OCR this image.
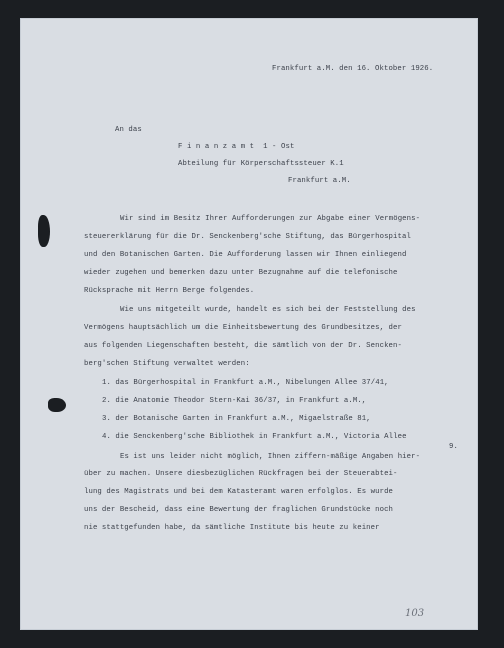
Frankfurt a.M. den 16. Oktober 1926.
An das
F i n a n z a m t  1 - Ost
Abteilung für Körperschaftssteuer K.1
Frankfurt a.M.
Wir sind im Besitz Ihrer Aufforderungen zur Abgabe einer Vermögens-
steuererklärung für die Dr. Senckenberg'sche Stiftung, das Bürgerhospital
und den Botanischen Garten. Die Aufforderung lassen wir Ihnen einliegend
wieder zugehen und bemerken dazu unter Bezugnahme auf die telefonische
Rücksprache mit Herrn Berge folgendes.
Wie uns mitgeteilt wurde, handelt es sich bei der Feststellung des
Vermögens hauptsächlich um die Einheitsbewertung des Grundbesitzes, der
aus folgenden Liegenschaften besteht, die sämtlich von der Dr. Sencken-
berg'schen Stiftung verwaltet werden:
1. das Bürgerhospital in Frankfurt a.M., Nibelungen Allee 37/41,
2. die Anatomie Theodor Stern-Kai 36/37, in Frankfurt a.M.,
3. der Botanische Garten in Frankfurt a.M., Migaelstraße 81,
4. die Senckenberg'sche Bibliothek in Frankfurt a.M., Victoria Allee
9.
Es ist uns leider nicht möglich, Ihnen ziffern-mäßige Angaben hier-
über zu machen. Unsere diesbezüglichen Rückfragen bei der Steuerabtei-
lung des Magistrats und bei dem Katasteramt waren erfolglos. Es wurde
uns der Bescheid, dass eine Bewertung der fraglichen Grundstücke noch
nie stattgefunden habe, da sämtliche Institute bis heute zu keiner
103
